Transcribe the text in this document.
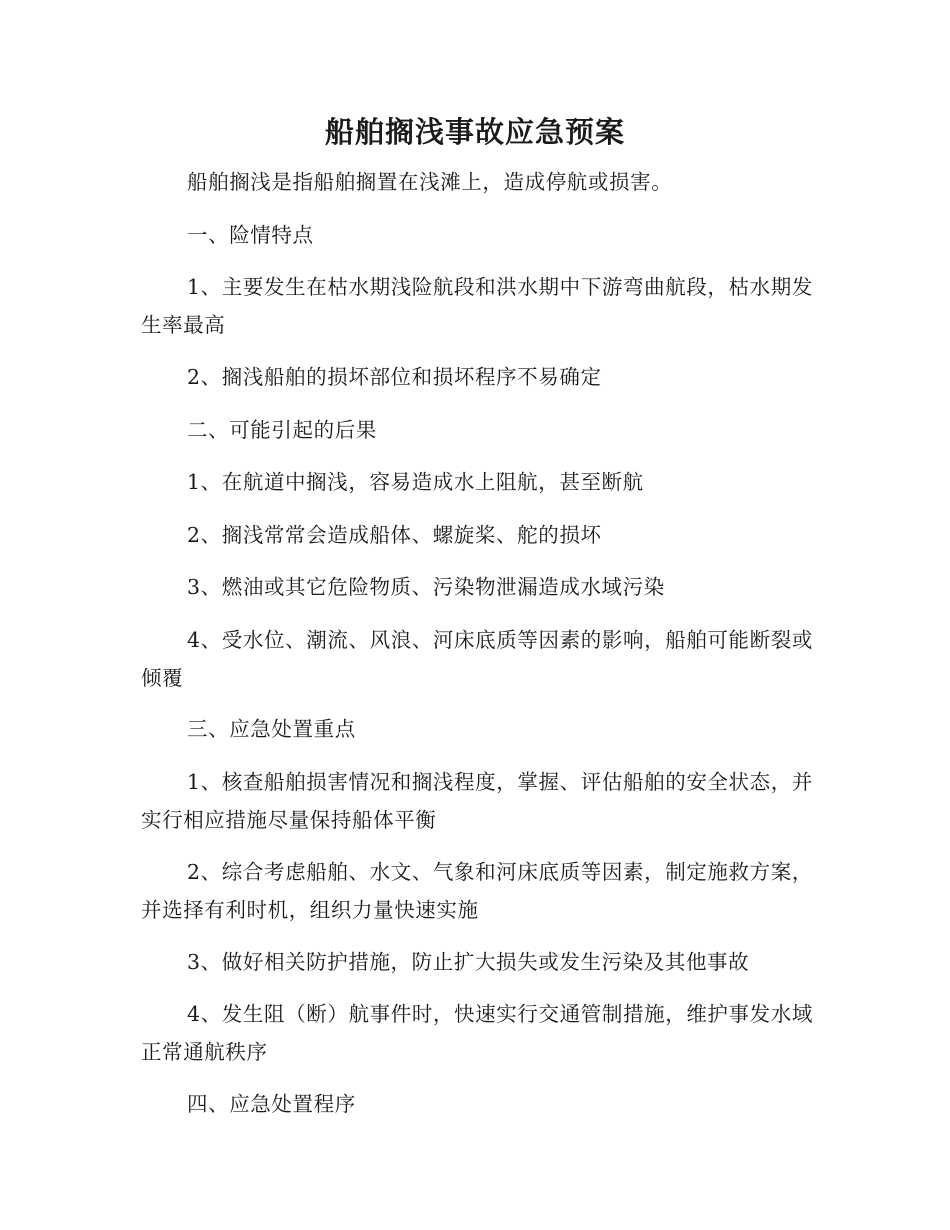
船舶搁浅事故应急预案

船舶搁浅是指船舶搁置在浅滩上，造成停航或损害。

一、险情特点

1、主要发生在枯水期浅险航段和洪水期中下游弯曲航段，枯水期发生率最高

2、搁浅船舶的损坏部位和损坏程序不易确定

二、可能引起的后果

1、在航道中搁浅，容易造成水上阻航，甚至断航

2、搁浅常常会造成船体、螺旋桨、舵的损坏

3、燃油或其它危险物质、污染物泄漏造成水域污染

4、受水位、潮流、风浪、河床底质等因素的影响，船舶可能断裂或倾覆

三、应急处置重点

1、核查船舶损害情况和搁浅程度，掌握、评估船舶的安全状态，并实行相应措施尽量保持船体平衡

2、综合考虑船舶、水文、气象和河床底质等因素，制定施救方案，并选择有利时机，组织力量快速实施

3、做好相关防护措施，防止扩大损失或发生污染及其他事故

4、发生阻（断）航事件时，快速实行交通管制措施，维护事发水域正常通航秩序

四、应急处置程序
